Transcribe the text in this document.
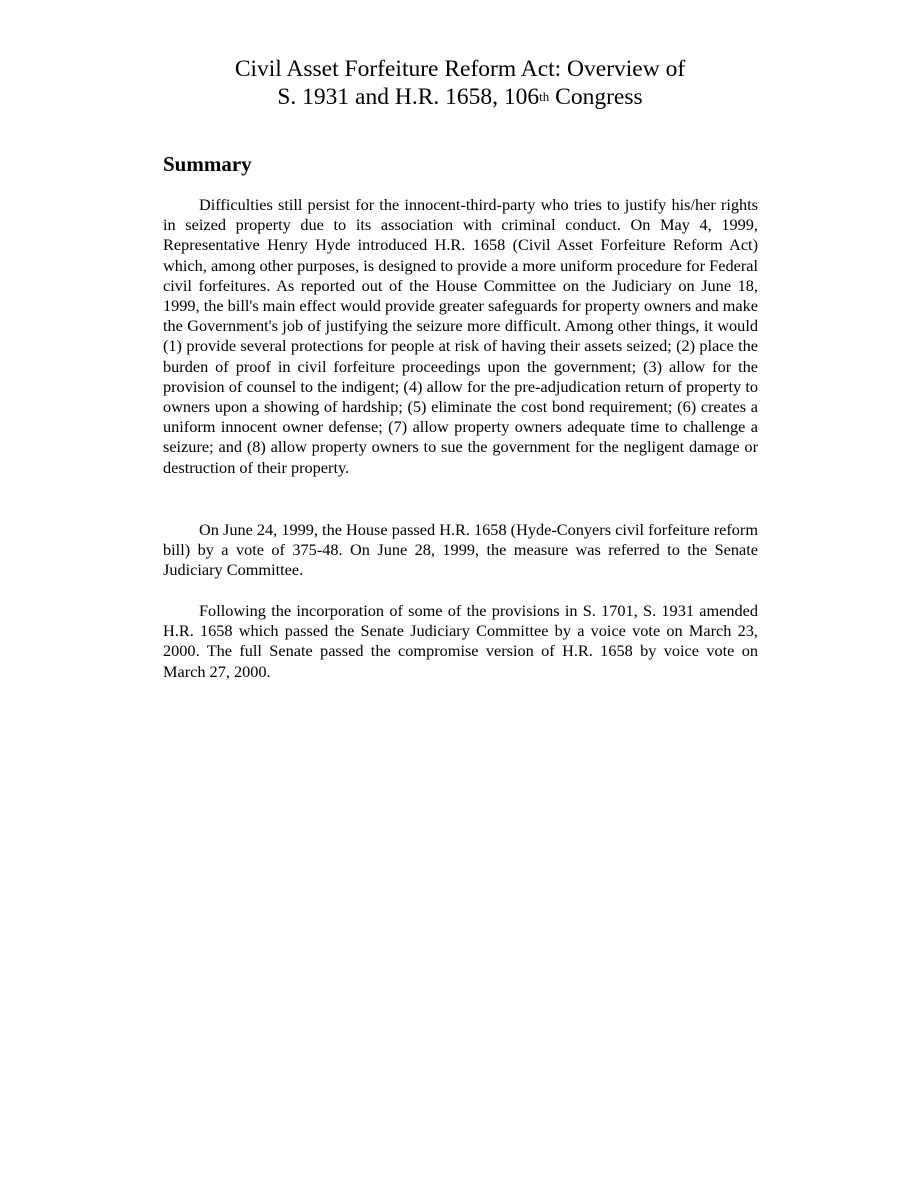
Civil Asset Forfeiture Reform Act: Overview of
S. 1931 and H.R. 1658, 106th Congress
Summary

Difficulties still persist for the innocent-third-party who tries to justify his/her rights in seized property due to its association with criminal conduct. On May 4, 1999, Representative Henry Hyde introduced H.R. 1658 (Civil Asset Forfeiture Reform Act) which, among other purposes, is designed to provide a more uniform procedure for Federal civil forfeitures. As reported out of the House Committee on the Judiciary on June 18, 1999, the bill's main effect would provide greater safeguards for property owners and make the Government's job of justifying the seizure more difficult. Among other things, it would (1) provide several protections for people at risk of having their assets seized; (2) place the burden of proof in civil forfeiture proceedings upon the government; (3) allow for the provision of counsel to the indigent; (4) allow for the pre-adjudication return of property to owners upon a showing of hardship; (5) eliminate the cost bond requirement; (6) creates a uniform innocent owner defense; (7) allow property owners adequate time to challenge a seizure; and (8) allow property owners to sue the government for the negligent damage or destruction of their property.

On June 24, 1999, the House passed H.R. 1658 (Hyde-Conyers civil forfeiture reform bill) by a vote of 375-48. On June 28, 1999, the measure was referred to the Senate Judiciary Committee.

Following the incorporation of some of the provisions in S. 1701, S. 1931 amended H.R. 1658 which passed the Senate Judiciary Committee by a voice vote on March 23, 2000. The full Senate passed the compromise version of H.R. 1658 by voice vote on March 27, 2000.
